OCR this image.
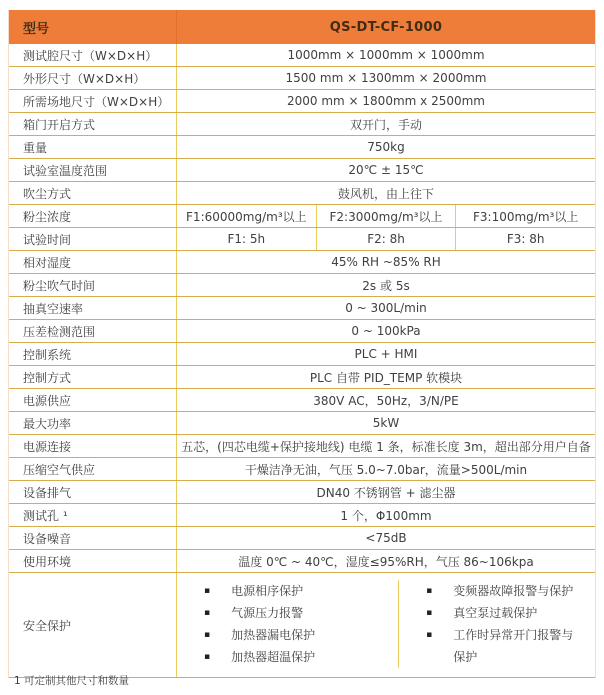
型号	QS-DT-CF-1000
测试腔尺寸（W×D×H）	1000mm × 1000mm × 1000mm
外形尺寸（W×D×H）	1500 mm × 1300mm × 2000mm
所需场地尺寸（W×D×H）	2000 mm × 1800mm x 2500mm
箱门开启方式	双开门，手动
重量	750kg
试验室温度范围	20℃ ± 15℃
吹尘方式	鼓风机，由上往下
粉尘浓度	F1:60000mg/m³以上	F2:3000mg/m³以上	F3:100mg/m³以上
试验时间	F1: 5h	F2: 8h	F3: 8h
相对湿度	45% RH ~85% RH
粉尘吹气时间	2s 或 5s
抽真空速率	0 ~ 300L/min
压差检测范围	0 ~ 100kPa
控制系统	PLC + HMI
控制方式	PLC 自带 PID_TEMP 软模块
电源供应	380V AC，50Hz，3/N/PE
最大功率	5kW
电源连接	五芯，(四芯电缆+保护接地线) 电缆 1 条，标准长度 3m，超出部分用户自备
压缩空气供应	干燥洁净无油，气压 5.0~7.0bar，流量>500L/min
设备排气	DN40 不锈钢管 + 滤尘器
测试孔 ¹	1 个，Φ100mm
设备噪音	<75dB
使用环境	温度 0℃ ~ 40℃，湿度≤95%RH，气压 86~106kpa
安全保护
▪ 电源相序保护
▪ 气源压力报警
▪ 加热器漏电保护
▪ 加热器超温保护
▪ 变频器故障报警与保护
▪ 真空泵过载保护
▪ 工作时异常开门报警与保护
1 可定制其他尺寸和数量
